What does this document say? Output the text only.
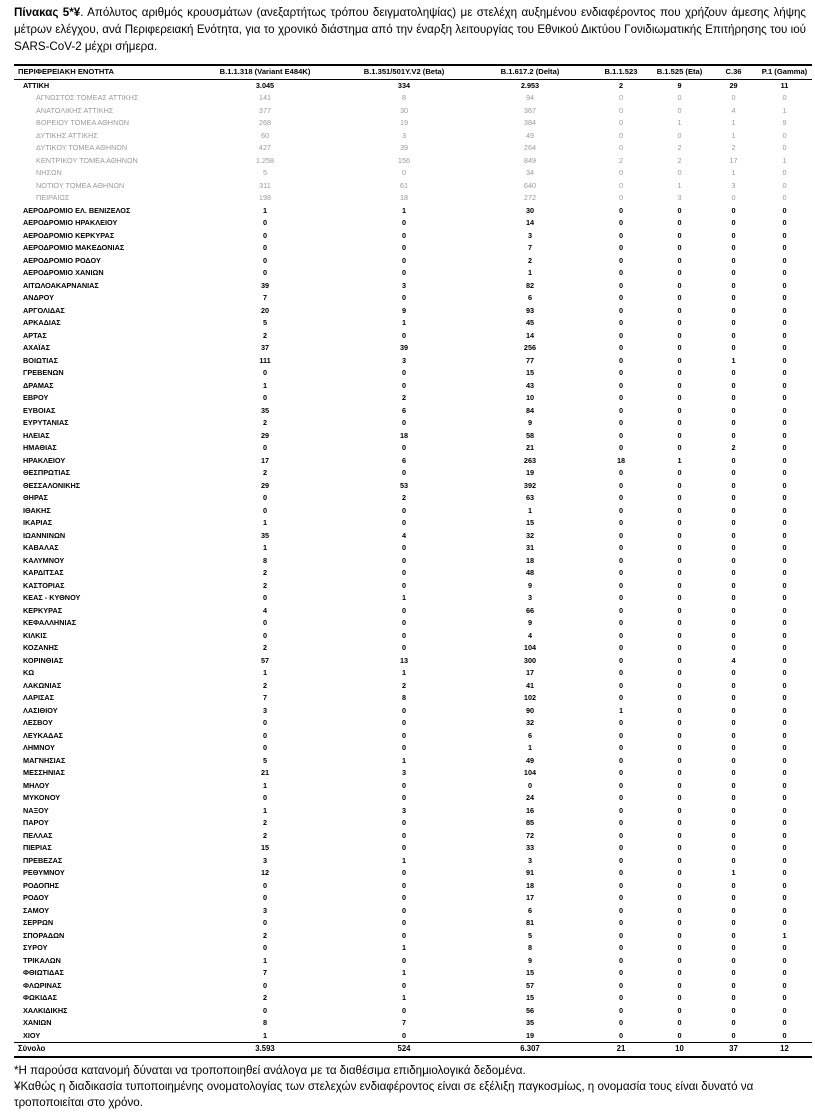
Πίνακας 5*¥. Απόλυτος αριθμός κρουσμάτων (ανεξαρτήτως τρόπου δειγματοληψίας) με στελέχη αυξημένου ενδιαφέροντος που χρήζουν άμεσης λήψης μέτρων ελέγχου, ανά Περιφερειακή Ενότητα, για το χρονικό διάστημα από την έναρξη λειτουργίας του Εθνικού Δικτύου Γονιδιωματικής Επιτήρησης του ιού SARS-CoV-2 μέχρι σήμερα.
ΠΕΡΙΦΕΡΕΙΑΚΗ ΕΝΟΤΗΤΑ	B.1.1.318 (Variant E484K)	B.1.351/501Y.V2 (Beta)	B.1.617.2 (Delta)	B.1.1.523	B.1.525 (Eta)	C.36	P.1 (Gamma)
ΑΤΤΙΚΗ	3.045	334	2.953	2	9	29	11
ΑΓΝΩΣΤΟΣ ΤΟΜΕΑΣ ΑΤΤΙΚΗΣ	141	8	94	0	0	0	0
ΑΝΑΤΟΛΙΚΗΣ ΑΤΤΙΚΗΣ	377	30	367	0	0	4	1
ΒΟΡΕΙΟΥ ΤΟΜΕΑ ΑΘΗΝΩΝ	268	19	384	0	1	1	9
ΔΥΤΙΚΗΣ ΑΤΤΙΚΗΣ	60	3	49	0	0	1	0
ΔΥΤΙΚΟΥ ΤΟΜΕΑ ΑΘΗΝΩΝ	427	39	264	0	2	2	0
ΚΕΝΤΡΙΚΟΥ ΤΟΜΕΑ ΑΘΗΝΩΝ	1.258	156	849	2	2	17	1
ΝΗΣΩΝ	5	0	34	0	0	1	0
ΝΟΤΙΟΥ ΤΟΜΕΑ ΑΘΗΝΩΝ	311	61	640	0	1	3	0
ΠΕΙΡΑΙΩΣ	198	18	272	0	3	0	0
ΑΕΡΟΔΡΟΜΙΟ ΕΛ. ΒΕΝΙΖΕΛΟΣ	1	1	30	0	0	0	0
ΑΕΡΟΔΡΟΜΙΟ ΗΡΑΚΛΕΙΟΥ	0	0	14	0	0	0	0
ΑΕΡΟΔΡΟΜΙΟ ΚΕΡΚΥΡΑΣ	0	0	3	0	0	0	0
ΑΕΡΟΔΡΟΜΙΟ ΜΑΚΕΔΟΝΙΑΣ	0	0	7	0	0	0	0
ΑΕΡΟΔΡΟΜΙΟ ΡΟΔΟΥ	0	0	2	0	0	0	0
ΑΕΡΟΔΡΟΜΙΟ ΧΑΝΙΩΝ	0	0	1	0	0	0	0
ΑΙΤΩΛΟΑΚΑΡΝΑΝΙΑΣ	39	3	82	0	0	0	0
ΑΝΔΡΟΥ	7	0	6	0	0	0	0
ΑΡΓΟΛΙΔΑΣ	20	9	93	0	0	0	0
ΑΡΚΑΔΙΑΣ	5	1	45	0	0	0	0
ΑΡΤΑΣ	2	0	14	0	0	0	0
ΑΧΑΪΑΣ	37	39	256	0	0	0	0
ΒΟΙΩΤΙΑΣ	111	3	77	0	0	1	0
ΓΡΕΒΕΝΩΝ	0	0	15	0	0	0	0
ΔΡΑΜΑΣ	1	0	43	0	0	0	0
ΕΒΡΟΥ	0	2	10	0	0	0	0
ΕΥΒΟΙΑΣ	35	6	84	0	0	0	0
ΕΥΡΥΤΑΝΙΑΣ	2	0	9	0	0	0	0
ΗΛΕΙΑΣ	29	18	58	0	0	0	0
ΗΜΑΘΙΑΣ	0	0	21	0	0	2	0
ΗΡΑΚΛΕΙΟΥ	17	6	263	18	1	0	0
ΘΕΣΠΡΩΤΙΑΣ	2	0	19	0	0	0	0
ΘΕΣΣΑΛΟΝΙΚΗΣ	29	53	392	0	0	0	0
ΘΗΡΑΣ	0	2	63	0	0	0	0
ΙΘΑΚΗΣ	0	0	1	0	0	0	0
ΙΚΑΡΙΑΣ	1	0	15	0	0	0	0
ΙΩΑΝΝΙΝΩΝ	35	4	32	0	0	0	0
ΚΑΒΑΛΑΣ	1	0	31	0	0	0	0
ΚΑΛΥΜΝΟΥ	8	0	18	0	0	0	0
ΚΑΡΔΙΤΣΑΣ	2	0	48	0	0	0	0
ΚΑΣΤΟΡΙΑΣ	2	0	9	0	0	0	0
ΚΕΑΣ - ΚΥΘΝΟΥ	0	1	3	0	0	0	0
ΚΕΡΚΥΡΑΣ	4	0	66	0	0	0	0
ΚΕΦΑΛΛΗΝΙΑΣ	0	0	9	0	0	0	0
ΚΙΛΚΙΣ	0	0	4	0	0	0	0
ΚΟΖΑΝΗΣ	2	0	104	0	0	0	0
ΚΟΡΙΝΘΙΑΣ	57	13	300	0	0	4	0
ΚΩ	1	1	17	0	0	0	0
ΛΑΚΩΝΙΑΣ	2	2	41	0	0	0	0
ΛΑΡΙΣΑΣ	7	8	102	0	0	0	0
ΛΑΣΙΘΙΟΥ	3	0	90	1	0	0	0
ΛΕΣΒΟΥ	0	0	32	0	0	0	0
ΛΕΥΚΑΔΑΣ	0	0	6	0	0	0	0
ΛΗΜΝΟΥ	0	0	1	0	0	0	0
ΜΑΓΝΗΣΙΑΣ	5	1	49	0	0	0	0
ΜΕΣΣΗΝΙΑΣ	21	3	104	0	0	0	0
ΜΗΛΟΥ	1	0	0	0	0	0	0
ΜΥΚΟΝΟΥ	0	0	24	0	0	0	0
ΝΑΞΟΥ	1	3	16	0	0	0	0
ΠΑΡΟΥ	2	0	85	0	0	0	0
ΠΕΛΛΑΣ	2	0	72	0	0	0	0
ΠΙΕΡΙΑΣ	15	0	33	0	0	0	0
ΠΡΕΒΕΖΑΣ	3	1	3	0	0	0	0
ΡΕΘΥΜΝΟΥ	12	0	91	0	0	1	0
ΡΟΔΟΠΗΣ	0	0	18	0	0	0	0
ΡΟΔΟΥ	0	0	17	0	0	0	0
ΣΑΜΟΥ	3	0	6	0	0	0	0
ΣΕΡΡΩΝ	0	0	81	0	0	0	0
ΣΠΟΡΑΔΩΝ	2	0	5	0	0	0	1
ΣΥΡΟΥ	0	1	8	0	0	0	0
ΤΡΙΚΑΛΩΝ	1	0	9	0	0	0	0
ΦΘΙΩΤΙΔΑΣ	7	1	15	0	0	0	0
ΦΛΩΡΙΝΑΣ	0	0	57	0	0	0	0
ΦΩΚΙΔΑΣ	2	1	15	0	0	0	0
ΧΑΛΚΙΔΙΚΗΣ	0	0	56	0	0	0	0
ΧΑΝΙΩΝ	8	7	35	0	0	0	0
ΧΙΟΥ	1	0	19	0	0	0	0
Σύνολο	3.593	524	6.307	21	10	37	12
*Η παρούσα κατανομή δύναται να τροποποιηθεί ανάλογα με τα διαθέσιμα επιδημιολογικά δεδομένα.
¥Καθώς η διαδικασία τυποποιημένης ονοματολογίας των στελεχών ενδιαφέροντος είναι σε εξέλιξη παγκοσμίως, η ονομασία τους είναι δυνατό να τροποποιείται στο χρόνο.
